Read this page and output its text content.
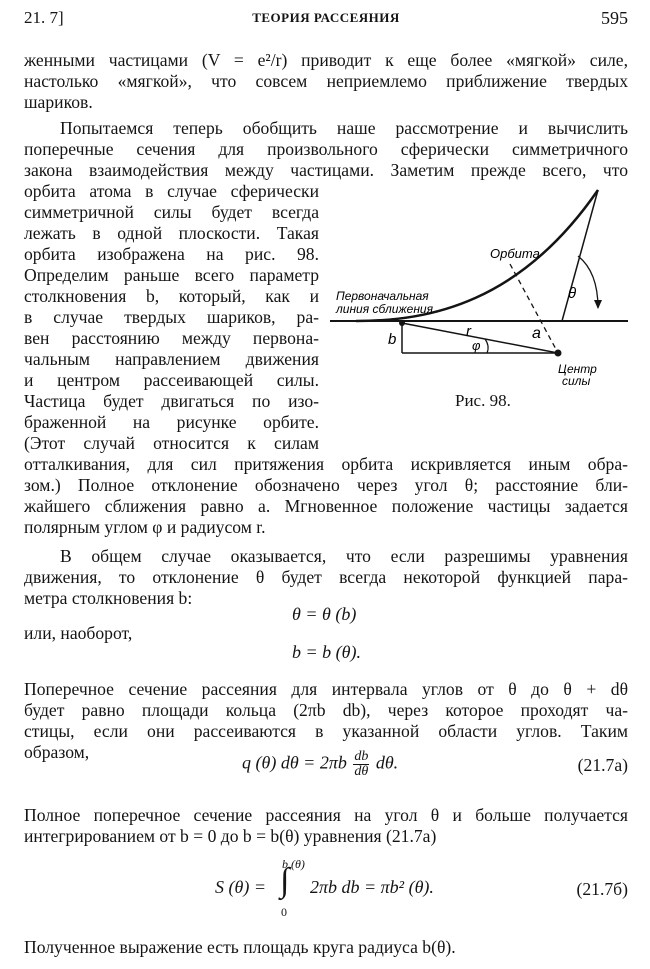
21. 7]	ТЕОРИЯ РАССЕЯНИЯ	595
женными частицами (V = e²/r) приводит к еще более «мягкой» силе,
настолько «мягкой», что совсем неприемлемо приближение твердых
шариков.
Попытаемся теперь обобщить наше рассмотрение и вычислить
поперечные сечения для произвольного сферически симметричного
закона взаимодействия между частицами. Заметим прежде всего, что
орбита атома в случае сферически
симметричной силы будет всегда
лежать в одной плоскости. Такая
орбита изображена на рис. 98.
Определим раньше всего параметр
столкновения b, который, как и
в случае твердых шариков, ра-
вен расстоянию между первона-
чальным направлением движения
и центром рассеивающей силы.
Частица будет двигаться по изо-
браженной на рисунке орбите.
(Этот случай относится к силам
отталкивания, для сил притяжения орбита искривляется иным обра-
зом.) Полное отклонение обозначено через угол θ; расстояние бли-
жайшего сближения равно a. Мгновенное положение частицы задается
полярным углом φ и радиусом r.
В общем случае оказывается, что если разрешимы уравнения
движения, то отклонение θ будет всегда некоторой функцией пара-
метра столкновения b:
θ = θ (b)
или, наоборот,
b = b (θ).
Поперечное сечение рассеяния для интервала углов от θ до θ + dθ
будет равно площади кольца (2πb db), через которое проходят ча-
стицы, если они рассеиваются в указанной области углов. Таким
образом,
q (θ) $d\theta = 2\pi b \frac{db}{d\theta} d\theta$.	(21.7а)
Полное поперечное сечение рассеяния на угол θ и больше получается
интегрированием от b = 0 до b = b(θ) уравнения (21.7а)
S (θ) =
b (θ)
∫
0
2πb db = πb² (θ).	(21.7б)
Полученное выражение есть площадь круга радиуса b(θ).
Орбита
Первоначальная
линия сближения
Центр
силы
b	r	a
φ
θ
Рис. 98.
